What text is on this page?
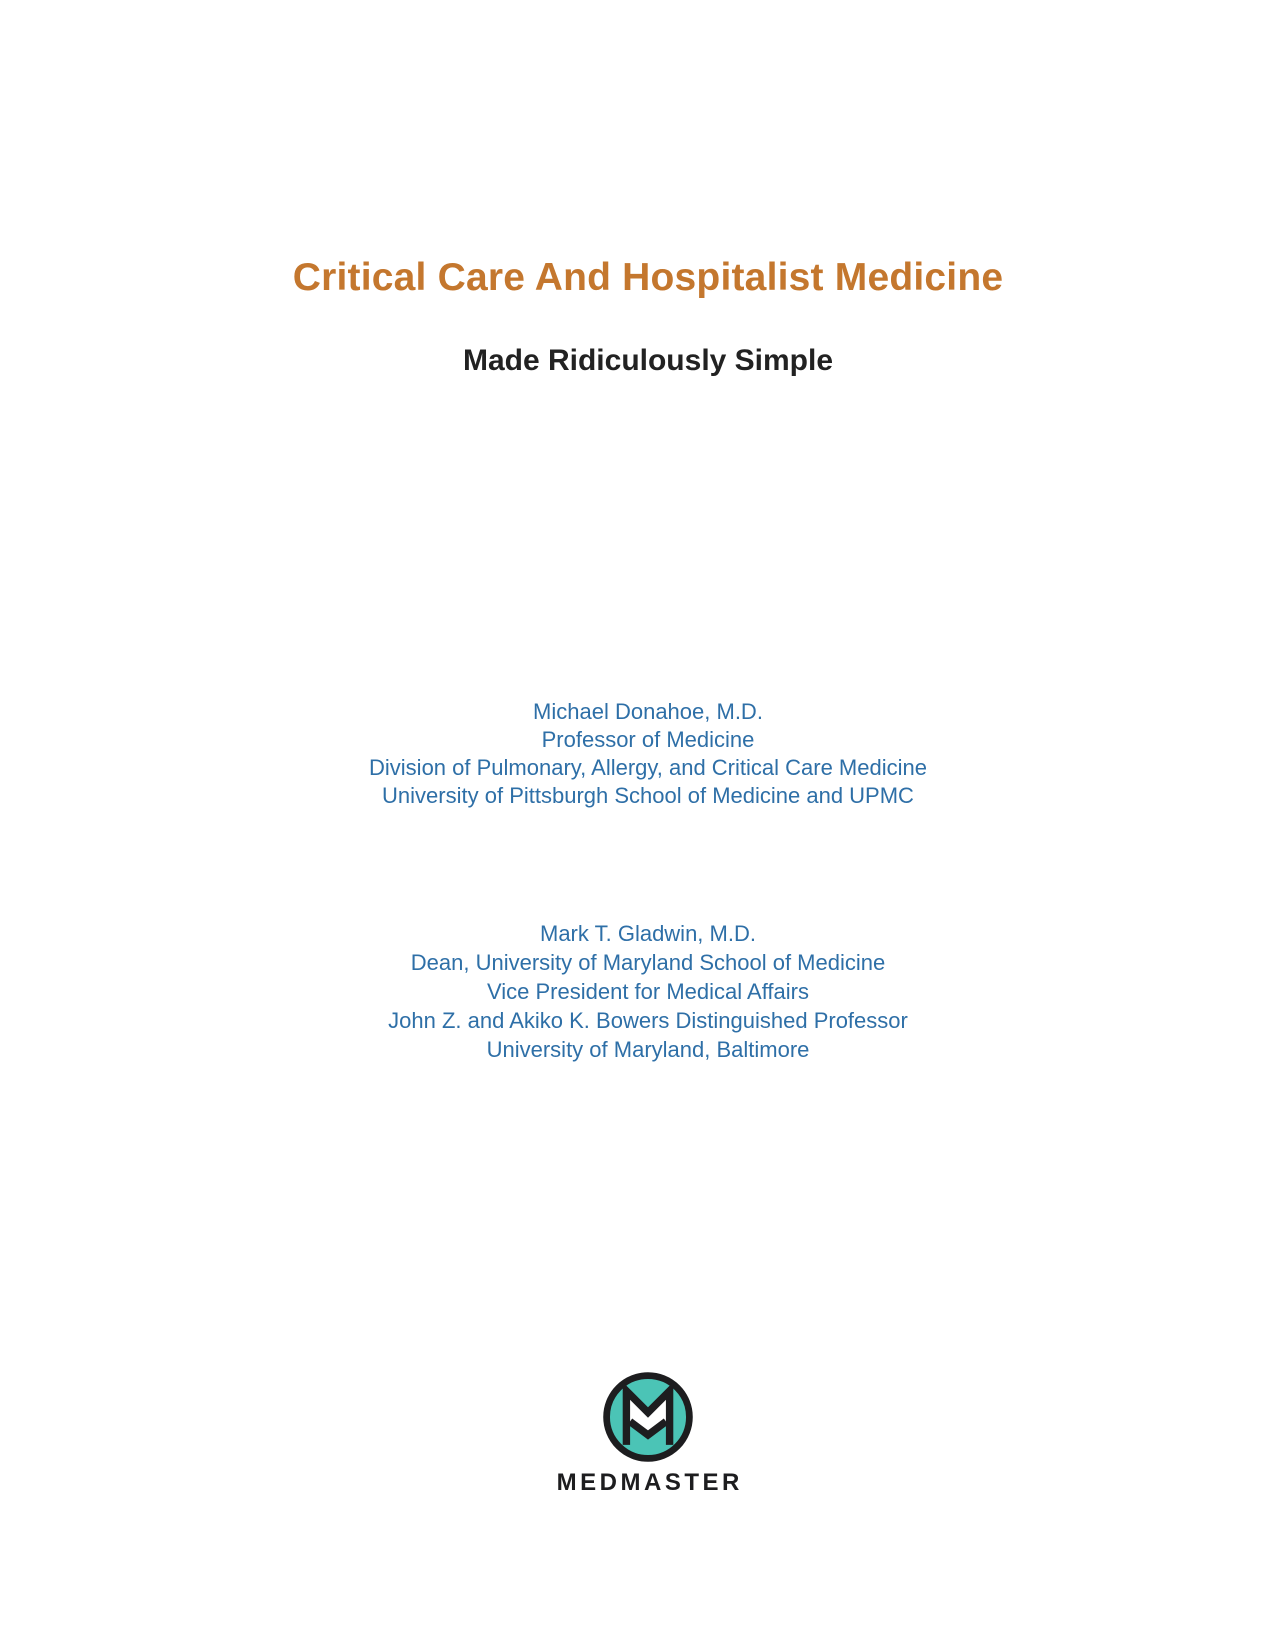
Critical Care And Hospitalist Medicine
Made Ridiculously Simple
Michael Donahoe, M.D.
Professor of Medicine
Division of Pulmonary, Allergy, and Critical Care Medicine
University of Pittsburgh School of Medicine and UPMC
Mark T. Gladwin, M.D.
Dean, University of Maryland School of Medicine
Vice President for Medical Affairs
John Z. and Akiko K. Bowers Distinguished Professor
University of Maryland, Baltimore
MEDMASTER
